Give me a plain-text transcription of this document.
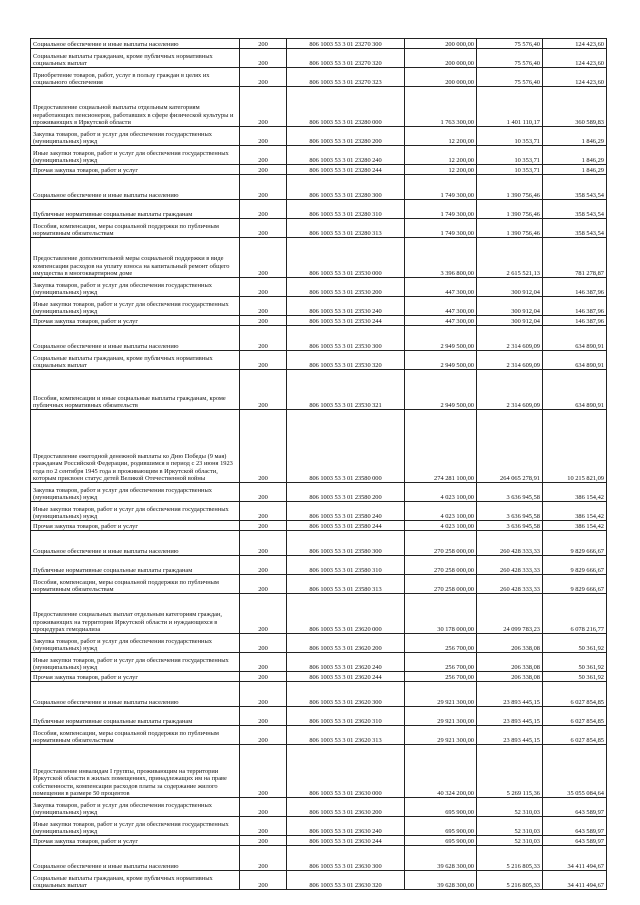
Социальное обеспечение и иные выплаты населению	200	806 1003 53 3 01 23270 300	200 000,00	75 576,40	124 423,60
Социальные выплаты гражданам, кроме публичных нормативных социальных выплат	200	806 1003 53 3 01 23270 320	200 000,00	75 576,40	124 423,60
Приобретение товаров, работ, услуг в пользу граждан в целях их социального обеспечения	200	806 1003 53 3 01 23270 323	200 000,00	75 576,40	124 423,60
Предоставление социальной выплаты отдельным категориям неработающих пенсионеров, работавших в сфере физической культуры и проживающих в Иркутской области	200	806 1003 53 3 01 23280 000	1 763 300,00	1 401 110,17	360 589,83
Закупка товаров, работ и услуг для обеспечения государственных (муниципальных) нужд	200	806 1003 53 3 01 23280 200	12 200,00	10 353,71	1 846,29
Иные закупки товаров, работ и услуг для обеспечения государственных (муниципальных) нужд	200	806 1003 53 3 01 23280 240	12 200,00	10 353,71	1 846,29
Прочая закупка товаров, работ и услуг	200	806 1003 53 3 01 23280 244	12 200,00	10 353,71	1 846,29
Социальное обеспечение и иные выплаты населению	200	806 1003 53 3 01 23280 300	1 749 300,00	1 390 756,46	358 543,54
Публичные нормативные социальные выплаты гражданам	200	806 1003 53 3 01 23280 310	1 749 300,00	1 390 756,46	358 543,54
Пособия, компенсации, меры социальной поддержки по публичным нормативным обязательствам	200	806 1003 53 3 01 23280 313	1 749 300,00	1 390 756,46	358 543,54
Предоставление дополнительной меры социальной поддержки в виде компенсации расходов на уплату взноса на капитальный ремонт общего имущества в многоквартирном доме	200	806 1003 53 3 01 23530 000	3 396 800,00	2 615 521,13	781 278,87
Закупка товаров, работ и услуг для обеспечения государственных (муниципальных) нужд	200	806 1003 53 3 01 23530 200	447 300,00	300 912,04	146 387,96
Иные закупки товаров, работ и услуг для обеспечения государственных (муниципальных) нужд	200	806 1003 53 3 01 23530 240	447 300,00	300 912,04	146 387,96
Прочая закупка товаров, работ и услуг	200	806 1003 53 3 01 23530 244	447 300,00	300 912,04	146 387,96
Социальное обеспечение и иные выплаты населению	200	806 1003 53 3 01 23530 300	2 949 500,00	2 314 609,09	634 890,91
Социальные выплаты гражданам, кроме публичных нормативных социальных выплат	200	806 1003 53 3 01 23530 320	2 949 500,00	2 314 609,09	634 890,91
Пособия, компенсации и иные социальные выплаты гражданам, кроме публичных нормативных обязательств	200	806 1003 53 3 01 23530 321	2 949 500,00	2 314 609,09	634 890,91
Предоставление ежегодной денежной выплаты ко Дню Победы (9 мая) гражданам Российской Федерации, родившимся в период с 23 июня 1923 года по 2 сентября 1945 года и проживающим в Иркутской области, которым присвоен статус детей Великой Отечественной войны	200	806 1003 53 3 01 23580 000	274 281 100,00	264 065 278,91	10 215 821,09
Закупка товаров, работ и услуг для обеспечения государственных (муниципальных) нужд	200	806 1003 53 3 01 23580 200	4 023 100,00	3 636 945,58	386 154,42
Иные закупки товаров, работ и услуг для обеспечения государственных (муниципальных) нужд	200	806 1003 53 3 01 23580 240	4 023 100,00	3 636 945,58	386 154,42
Прочая закупка товаров, работ и услуг	200	806 1003 53 3 01 23580 244	4 023 100,00	3 636 945,58	386 154,42
Социальное обеспечение и иные выплаты населению	200	806 1003 53 3 01 23580 300	270 258 000,00	260 428 333,33	9 829 666,67
Публичные нормативные социальные выплаты гражданам	200	806 1003 53 3 01 23580 310	270 258 000,00	260 428 333,33	9 829 666,67
Пособия, компенсации, меры социальной поддержки по публичным нормативным обязательствам	200	806 1003 53 3 01 23580 313	270 258 000,00	260 428 333,33	9 829 666,67
Предоставление социальных выплат отдельным категориям граждан, проживающих на территории Иркутской области и нуждающихся в процедурах гемодиализа	200	806 1003 53 3 01 23620 000	30 178 000,00	24 099 783,23	6 078 216,77
Закупка товаров, работ и услуг для обеспечения государственных (муниципальных) нужд	200	806 1003 53 3 01 23620 200	256 700,00	206 338,08	50 361,92
Иные закупки товаров, работ и услуг для обеспечения государственных (муниципальных) нужд	200	806 1003 53 3 01 23620 240	256 700,00	206 338,08	50 361,92
Прочая закупка товаров, работ и услуг	200	806 1003 53 3 01 23620 244	256 700,00	206 338,08	50 361,92
Социальное обеспечение и иные выплаты населению	200	806 1003 53 3 01 23620 300	29 921 300,00	23 893 445,15	6 027 854,85
Публичные нормативные социальные выплаты гражданам	200	806 1003 53 3 01 23620 310	29 921 300,00	23 893 445,15	6 027 854,85
Пособия, компенсации, меры социальной поддержки по публичным нормативным обязательствам	200	806 1003 53 3 01 23620 313	29 921 300,00	23 893 445,15	6 027 854,85
Предоставление инвалидам I группы, проживающим на территории Иркутской области в жилых помещениях, принадлежащих им на праве собственности, компенсации расходов платы за содержание жилого помещения в размере 50 процентов	200	806 1003 53 3 01 23630 000	40 324 200,00	5 269 115,36	35 055 084,64
Закупка товаров, работ и услуг для обеспечения государственных (муниципальных) нужд	200	806 1003 53 3 01 23630 200	695 900,00	52 310,03	643 589,97
Иные закупки товаров, работ и услуг для обеспечения государственных (муниципальных) нужд	200	806 1003 53 3 01 23630 240	695 900,00	52 310,03	643 589,97
Прочая закупка товаров, работ и услуг	200	806 1003 53 3 01 23630 244	695 900,00	52 310,03	643 589,97
Социальное обеспечение и иные выплаты населению	200	806 1003 53 3 01 23630 300	39 628 300,00	5 216 805,33	34 411 494,67
Социальные выплаты гражданам, кроме публичных нормативных социальных выплат	200	806 1003 53 3 01 23630 320	39 628 300,00	5 216 805,33	34 411 494,67
